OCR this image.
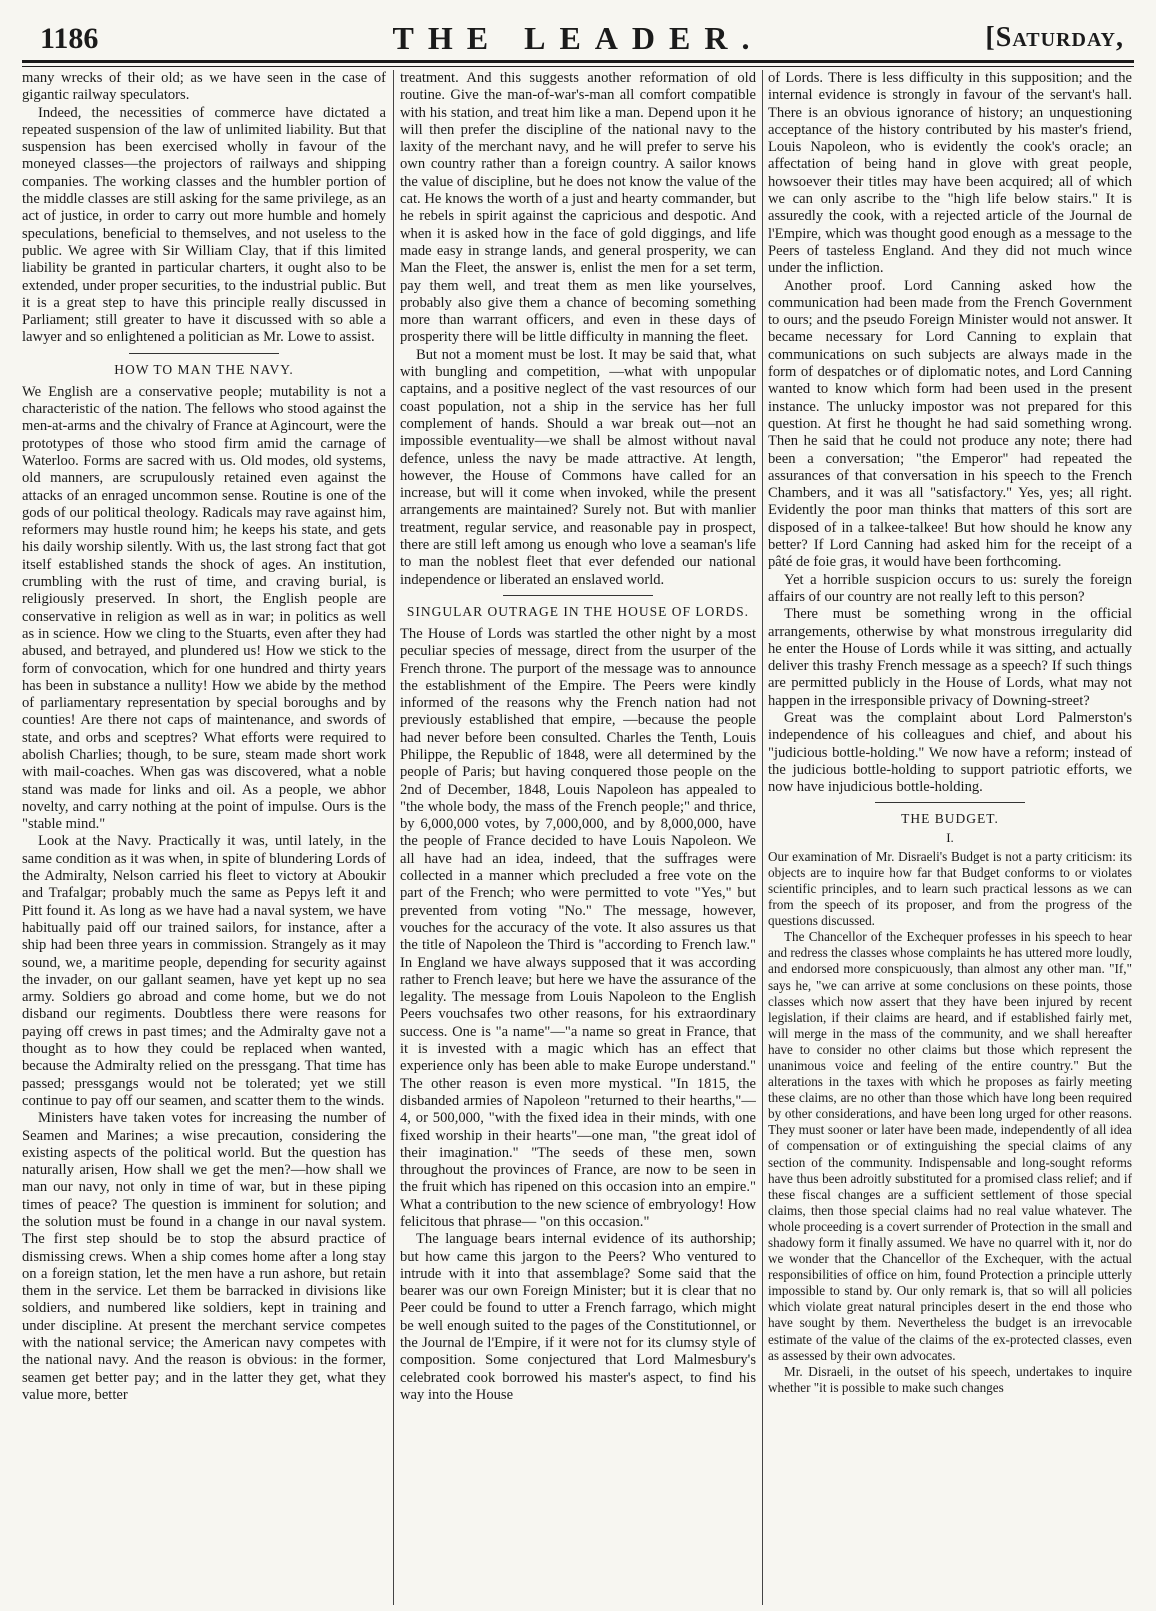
1186	THE LEADER.	[Saturday,

many wrecks of their old; as we have seen in the case of gigantic railway speculators.

Indeed, the necessities of commerce have dictated a repeated suspension of the law of unlimited liability. But that suspension has been exercised wholly in favour of the moneyed classes—the projectors of railways and shipping companies. The working classes and the humbler portion of the middle classes are still asking for the same privilege, as an act of justice, in order to carry out more humble and homely speculations, beneficial to themselves, and not useless to the public. We agree with Sir William Clay, that if this limited liability be granted in particular charters, it ought also to be extended, under proper securities, to the industrial public. But it is a great step to have this principle really discussed in Parliament; still greater to have it discussed with so able a lawyer and so enlightened a politician as Mr. Lowe to assist.

HOW TO MAN THE NAVY.

We English are a conservative people; mutability is not a characteristic of the nation. The fellows who stood against the men-at-arms and the chivalry of France at Agincourt, were the prototypes of those who stood firm amid the carnage of Waterloo. Forms are sacred with us. Old modes, old systems, old manners, are scrupulously retained even against the attacks of an enraged uncommon sense. Routine is one of the gods of our political theology. Radicals may rave against him, reformers may hustle round him; he keeps his state, and gets his daily worship silently. With us, the last strong fact that got itself established stands the shock of ages. An institution, crumbling with the rust of time, and craving burial, is religiously preserved. In short, the English people are conservative in religion as well as in war; in politics as well as in science. How we cling to the Stuarts, even after they had abused, and betrayed, and plundered us! How we stick to the form of convocation, which for one hundred and thirty years has been in substance a nullity! How we abide by the method of parliamentary representation by special boroughs and by counties! Are there not caps of maintenance, and swords of state, and orbs and sceptres? What efforts were required to abolish Charlies; though, to be sure, steam made short work with mail-coaches. When gas was discovered, what a noble stand was made for links and oil. As a people, we abhor novelty, and carry nothing at the point of impulse. Ours is the "stable mind."

Look at the Navy. Practically it was, until lately, in the same condition as it was when, in spite of blundering Lords of the Admiralty, Nelson carried his fleet to victory at Aboukir and Trafalgar; probably much the same as Pepys left it and Pitt found it. As long as we have had a naval system, we have habitually paid off our trained sailors, for instance, after a ship had been three years in commission. Strangely as it may sound, we, a maritime people, depending for security against the invader, on our gallant seamen, have yet kept up no sea army. Soldiers go abroad and come home, but we do not disband our regiments. Doubtless there were reasons for paying off crews in past times; and the Admiralty gave not a thought as to how they could be replaced when wanted, because the Admiralty relied on the pressgang. That time has passed; pressgangs would not be tolerated; yet we still continue to pay off our seamen, and scatter them to the winds.

Ministers have taken votes for increasing the number of Seamen and Marines; a wise precaution, considering the existing aspects of the political world. But the question has naturally arisen, How shall we get the men?—how shall we man our navy, not only in time of war, but in these piping times of peace? The question is imminent for solution; and the solution must be found in a change in our naval system. The first step should be to stop the absurd practice of dismissing crews. When a ship comes home after a long stay on a foreign station, let the men have a run ashore, but retain them in the service. Let them be barracked in divisions like soldiers, and numbered like soldiers, kept in training and under discipline. At present the merchant service competes with the national service; the American navy competes with the national navy. And the reason is obvious: in the former, seamen get better pay; and in the latter they get, what they value more, better

treatment. And this suggests another reformation of old routine. Give the man-of-war's-man all comfort compatible with his station, and treat him like a man. Depend upon it he will then prefer the discipline of the national navy to the laxity of the merchant navy, and he will prefer to serve his own country rather than a foreign country. A sailor knows the value of discipline, but he does not know the value of the cat. He knows the worth of a just and hearty commander, but he rebels in spirit against the capricious and despotic. And when it is asked how in the face of gold diggings, and life made easy in strange lands, and general prosperity, we can Man the Fleet, the answer is, enlist the men for a set term, pay them well, and treat them as men like yourselves, probably also give them a chance of becoming something more than warrant officers, and even in these days of prosperity there will be little difficulty in manning the fleet.

But not a moment must be lost. It may be said that, what with bungling and competition, —what with unpopular captains, and a positive neglect of the vast resources of our coast population, not a ship in the service has her full complement of hands. Should a war break out—not an impossible eventuality—we shall be almost without naval defence, unless the navy be made attractive. At length, however, the House of Commons have called for an increase, but will it come when invoked, while the present arrangements are maintained? Surely not. But with manlier treatment, regular service, and reasonable pay in prospect, there are still left among us enough who love a seaman's life to man the noblest fleet that ever defended our national independence or liberated an enslaved world.

SINGULAR OUTRAGE IN THE HOUSE OF LORDS.

The House of Lords was startled the other night by a most peculiar species of message, direct from the usurper of the French throne. The purport of the message was to announce the establishment of the Empire. The Peers were kindly informed of the reasons why the French nation had not previously established that empire, —because the people had never before been consulted. Charles the Tenth, Louis Philippe, the Republic of 1848, were all determined by the people of Paris; but having conquered those people on the 2nd of December, 1848, Louis Napoleon has appealed to "the whole body, the mass of the French people;" and thrice, by 6,000,000 votes, by 7,000,000, and by 8,000,000, have the people of France decided to have Louis Napoleon. We all have had an idea, indeed, that the suffrages were collected in a manner which precluded a free vote on the part of the French; who were permitted to vote "Yes," but prevented from voting "No." The message, however, vouches for the accuracy of the vote. It also assures us that the title of Napoleon the Third is "according to French law." In England we have always supposed that it was according rather to French leave; but here we have the assurance of the legality. The message from Louis Napoleon to the English Peers vouchsafes two other reasons, for his extraordinary success. One is "a name"—"a name so great in France, that it is invested with a magic which has an effect that experience only has been able to make Europe understand." The other reason is even more mystical. "In 1815, the disbanded armies of Napoleon "returned to their hearths,"—4, or 500,000, "with the fixed idea in their minds, with one fixed worship in their hearts"—one man, "the great idol of their imagination." "The seeds of these men, sown throughout the provinces of France, are now to be seen in the fruit which has ripened on this occasion into an empire." What a contribution to the new science of embryology! How felicitous that phrase— "on this occasion."

The language bears internal evidence of its authorship; but how came this jargon to the Peers? Who ventured to intrude with it into that assemblage? Some said that the bearer was our own Foreign Minister; but it is clear that no Peer could be found to utter a French farrago, which might be well enough suited to the pages of the Constitutionnel, or the Journal de l'Empire, if it were not for its clumsy style of composition. Some conjectured that Lord Malmesbury's celebrated cook borrowed his master's aspect, to find his way into the House

of Lords. There is less difficulty in this supposition; and the internal evidence is strongly in favour of the servant's hall. There is an obvious ignorance of history; an unquestioning acceptance of the history contributed by his master's friend, Louis Napoleon, who is evidently the cook's oracle; an affectation of being hand in glove with great people, howsoever their titles may have been acquired; all of which we can only ascribe to the "high life below stairs." It is assuredly the cook, with a rejected article of the Journal de l'Empire, which was thought good enough as a message to the Peers of tasteless England. And they did not much wince under the infliction.

Another proof. Lord Canning asked how the communication had been made from the French Government to ours; and the pseudo Foreign Minister would not answer. It became necessary for Lord Canning to explain that communications on such subjects are always made in the form of despatches or of diplomatic notes, and Lord Canning wanted to know which form had been used in the present instance. The unlucky impostor was not prepared for this question. At first he thought he had said something wrong. Then he said that he could not produce any note; there had been a conversation; "the Emperor" had repeated the assurances of that conversation in his speech to the French Chambers, and it was all "satisfactory." Yes, yes; all right. Evidently the poor man thinks that matters of this sort are disposed of in a talkee-talkee! But how should he know any better? If Lord Canning had asked him for the receipt of a pâté de foie gras, it would have been forthcoming.

Yet a horrible suspicion occurs to us: surely the foreign affairs of our country are not really left to this person?

There must be something wrong in the official arrangements, otherwise by what monstrous irregularity did he enter the House of Lords while it was sitting, and actually deliver this trashy French message as a speech? If such things are permitted publicly in the House of Lords, what may not happen in the irresponsible privacy of Downing-street?

Great was the complaint about Lord Palmerston's independence of his colleagues and chief, and about his "judicious bottle-holding." We now have a reform; instead of the judicious bottle-holding to support patriotic efforts, we now have injudicious bottle-holding.

THE BUDGET.
I.

Our examination of Mr. Disraeli's Budget is not a party criticism: its objects are to inquire how far that Budget conforms to or violates scientific principles, and to learn such practical lessons as we can from the speech of its proposer, and from the progress of the questions discussed.

The Chancellor of the Exchequer professes in his speech to hear and redress the classes whose complaints he has uttered more loudly, and endorsed more conspicuously, than almost any other man. "If," says he, "we can arrive at some conclusions on these points, those classes which now assert that they have been injured by recent legislation, if their claims are heard, and if established fairly met, will merge in the mass of the community, and we shall hereafter have to consider no other claims but those which represent the unanimous voice and feeling of the entire country." But the alterations in the taxes with which he proposes as fairly meeting these claims, are no other than those which have long been required by other considerations, and have been long urged for other reasons. They must sooner or later have been made, independently of all idea of compensation or of extinguishing the special claims of any section of the community. Indispensable and long-sought reforms have thus been adroitly substituted for a promised class relief; and if these fiscal changes are a sufficient settlement of those special claims, then those special claims had no real value whatever. The whole proceeding is a covert surrender of Protection in the small and shadowy form it finally assumed. We have no quarrel with it, nor do we wonder that the Chancellor of the Exchequer, with the actual responsibilities of office on him, found Protection a principle utterly impossible to stand by. Our only remark is, that so will all policies which violate great natural principles desert in the end those who have sought by them. Nevertheless the budget is an irrevocable estimate of the value of the claims of the ex-protected classes, even as assessed by their own advocates.

Mr. Disraeli, in the outset of his speech, undertakes to inquire whether "it is possible to make such changes
